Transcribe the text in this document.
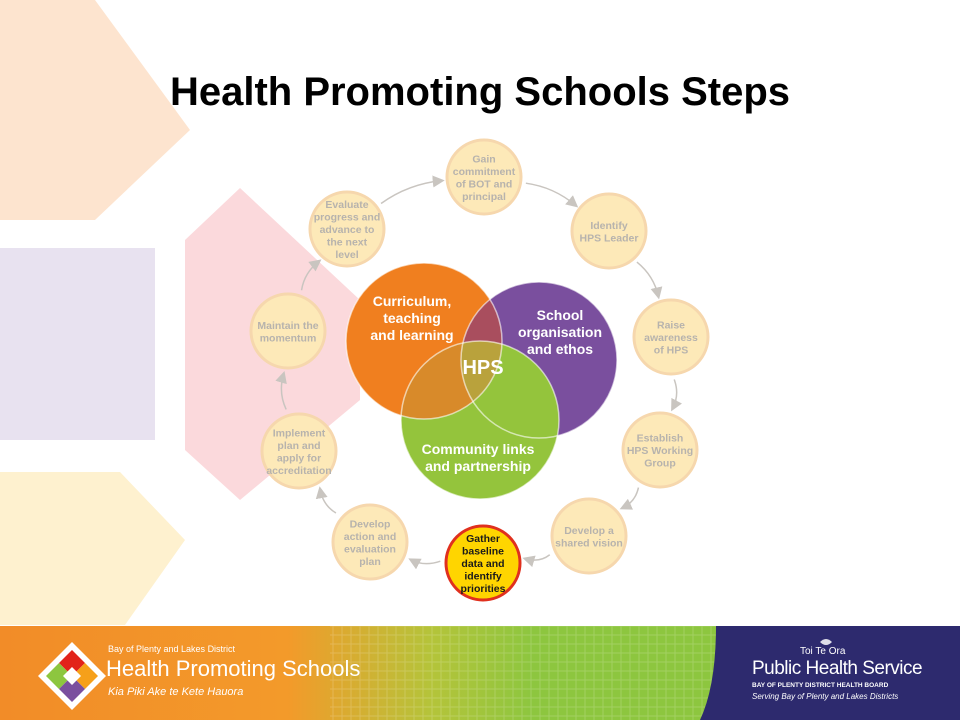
Health Promoting Schools Steps
Curriculum, teaching and learning
School organisation and ethos
Community links and partnership
HPS
Gain commitment of BOT and principal
Identify HPS Leader
Raise awareness of HPS
Establish HPS Working Group
Develop a shared vision
Gather baseline data and identify priorities
Develop action and evaluation plan
Implement plan and apply for accreditation
Maintain the momentum
Evaluate progress and advance to the next level
Bay of Plenty and Lakes District
Health Promoting Schools
Kia Piki Ake te Kete Hauora
Toi Te Ora
Public Health Service
BAY OF PLENTY DISTRICT HEALTH BOARD
Serving Bay of Plenty and Lakes Districts
